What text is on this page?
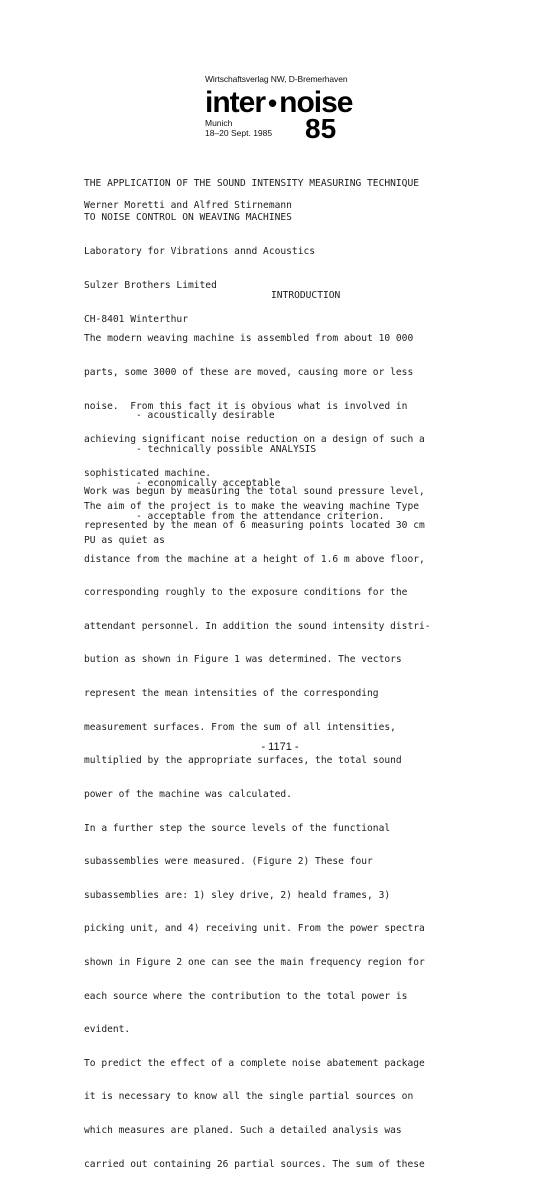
Wirtschaftsverlag NW, D-Bremerhaven
inter • noise
Munich
18–20 Sept. 1985 85

THE APPLICATION OF THE SOUND INTENSITY MEASURING TECHNIQUE

TO NOISE CONTROL ON WEAVING MACHINES

Werner Moretti and Alfred Stirnemann

Laboratory for Vibrations annd Acoustics

Sulzer Brothers Limited

CH-8401 Winterthur

INTRODUCTION

The modern weaving machine is assembled from about 10 000

parts, some 3000 of these are moved, causing more or less

noise.  From this fact it is obvious what is involved in

achieving significant noise reduction on a design of such a

sophisticated machine.

The aim of the project is to make the weaving machine Type

PU as quiet as

- acoustically desirable

- technically possible

- economically acceptable

- acceptable from the attendance criterion.

ANALYSIS

Work was begun by measuring the total sound pressure level,

represented by the mean of 6 measuring points located 30 cm

distance from the machine at a height of 1.6 m above floor,

corresponding roughly to the exposure conditions for the

attendant personnel. In addition the sound intensity distri-

bution as shown in Figure 1 was determined. The vectors

represent the mean intensities of the corresponding

measurement surfaces. From the sum of all intensities,

multiplied by the appropriate surfaces, the total sound

power of the machine was calculated.

In a further step the source levels of the functional

subassemblies were measured. (Figure 2) These four

subassemblies are: 1) sley drive, 2) heald frames, 3)

picking unit, and 4) receiving unit. From the power spectra

shown in Figure 2 one can see the main frequency region for

each source where the contribution to the total power is

evident.

To predict the effect of a complete noise abatement package

it is necessary to know all the single partial sources on

which measures are planed. Such a detailed analysis was

carried out containing 26 partial sources. The sum of these

- 1171 -
